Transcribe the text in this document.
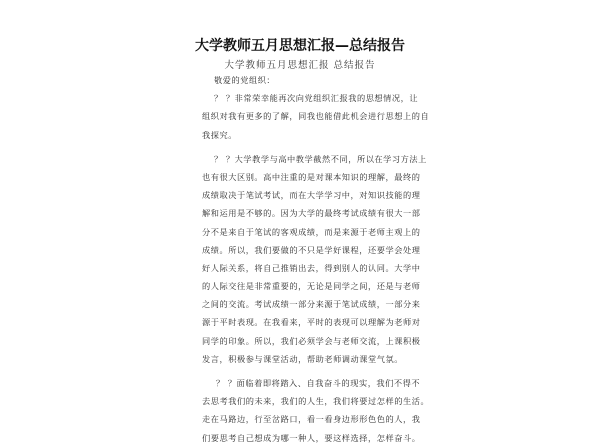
大学教师五月思想汇报—总结报告
大学教师五月思想汇报 总结报告
敬爱的党组织：
？ ？非常荣幸能再次向党组织汇报我的思想情况，让
组织对我有更多的了解，同我也能借此机会进行思想上的自
我探究。
？ ？大学教学与高中教学截然不同，所以在学习方法上
也有很大区别。高中注重的是对课本知识的理解，最终的
成绩取决于笔试考试，而在大学学习中，对知识技能的理
解和运用是不够的。因为大学的最终考试成绩有很大一部
分不是来自于笔试的客观成绩，而是来源于老师主观上的
成绩。所以，我们要做的不只是学好课程，还要学会处理
好人际关系，将自己推销出去，得到别人的认同。大学中
的人际交往是非常重要的，无论是同学之间，还是与老师
之间的交流。考试成绩一部分来源于笔试成绩，一部分来
源于平时表现。在我看来，平时的表现可以理解为老师对
同学的印象。所以，我们必须学会与老师交流，上课积极
发言，积极参与课堂活动，帮助老师调动课堂气氛。
？ ？面临着即将踏入、自我奋斗的现实，我们不得不
去思考我们的未来，我们的人生，我们将要过怎样的生活。
走在马路边，行至岔路口，看一看身边形形色色的人，我
们要思考自己想成为哪一种人，要这样选择，怎样奋斗。
